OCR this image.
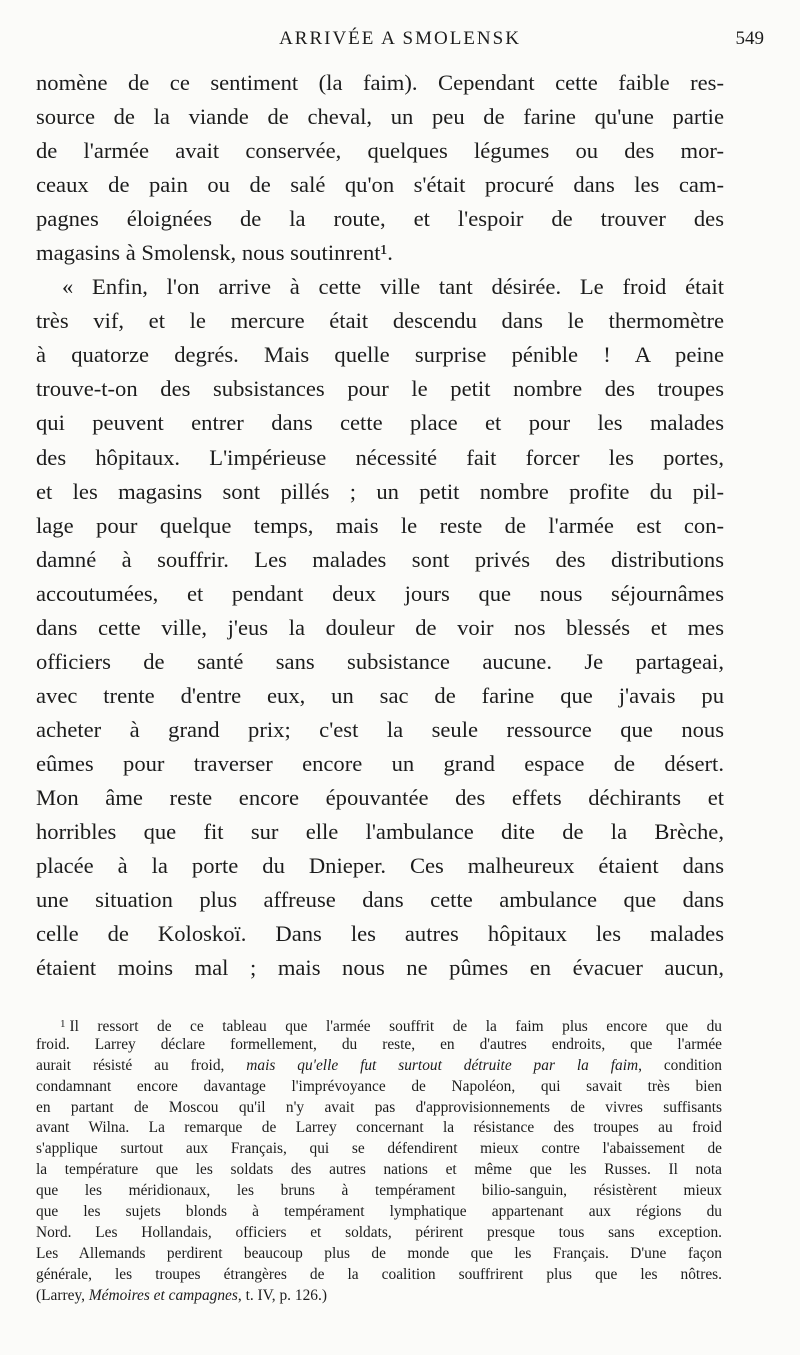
ARRIVÉE A SMOLENSK	549
nomène de ce sentiment (la faim). Cependant cette faible res-
source de la viande de cheval, un peu de farine qu'une partie
de l'armée avait conservée, quelques légumes ou des mor-
ceaux de pain ou de salé qu'on s'était procuré dans les cam-
pagnes éloignées de la route, et l'espoir de trouver des
magasins à Smolensk, nous soutinrent¹.
« Enfin, l'on arrive à cette ville tant désirée. Le froid était
très vif, et le mercure était descendu dans le thermomètre
à quatorze degrés. Mais quelle surprise pénible ! A peine
trouve-t-on des subsistances pour le petit nombre des troupes
qui peuvent entrer dans cette place et pour les malades
des hôpitaux. L'impérieuse nécessité fait forcer les portes,
et les magasins sont pillés ; un petit nombre profite du pil-
lage pour quelque temps, mais le reste de l'armée est con-
damné à souffrir. Les malades sont privés des distributions
accoutumées, et pendant deux jours que nous séjournâmes
dans cette ville, j'eus la douleur de voir nos blessés et mes
officiers de santé sans subsistance aucune. Je partageai,
avec trente d'entre eux, un sac de farine que j'avais pu
acheter à grand prix; c'est la seule ressource que nous
eûmes pour traverser encore un grand espace de désert.
Mon âme reste encore épouvantée des effets déchirants et
horribles que fit sur elle l'ambulance dite de la Brèche,
placée à la porte du Dnieper. Ces malheureux étaient dans
une situation plus affreuse dans cette ambulance que dans
celle de Koloskoï. Dans les autres hôpitaux les malades
étaient moins mal ; mais nous ne pûmes en évacuer aucun,
$^1$ Il ressort de ce tableau que l'armée souffrit de la faim plus encore que du
froid. Larrey déclare formellement, du reste, en d'autres endroits, que l'armée
aurait résisté au froid, mais qu'elle fut surtout détruite par la faim, condition
condamnant encore davantage l'imprévoyance de Napoléon, qui savait très bien
en partant de Moscou qu'il n'y avait pas d'approvisionnements de vivres suffisants
avant Wilna. La remarque de Larrey concernant la résistance des troupes au froid
s'applique surtout aux Français, qui se défendirent mieux contre l'abaissement de
la température que les soldats des autres nations et même que les Russes. Il nota
que les méridionaux, les bruns à tempérament bilio-sanguin, résistèrent mieux
que les sujets blonds à tempérament lymphatique appartenant aux régions du
Nord. Les Hollandais, officiers et soldats, périrent presque tous sans exception.
Les Allemands perdirent beaucoup plus de monde que les Français. D'une façon
générale, les troupes étrangères de la coalition souffrirent plus que les nôtres.
(Larrey, Mémoires et campagnes, t. IV, p. 126.)
